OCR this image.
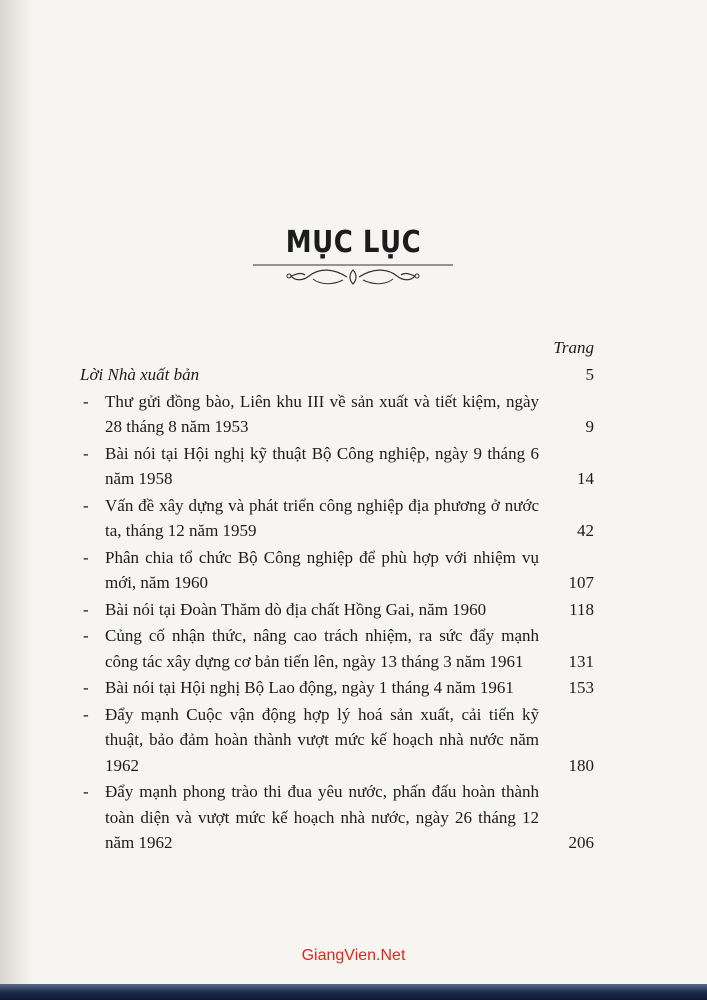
MỤC LỤC
Trang
Lời Nhà xuất bản	5
- Thư gửi đồng bào, Liên khu III về sản xuất và tiết kiệm, ngày 28 tháng 8 năm 1953	9
- Bài nói tại Hội nghị kỹ thuật Bộ Công nghiệp, ngày 9 tháng 6 năm 1958	14
- Vấn đề xây dựng và phát triển công nghiệp địa phương ở nước ta, tháng 12 năm 1959	42
- Phân chia tổ chức Bộ Công nghiệp để phù hợp với nhiệm vụ mới, năm 1960	107
- Bài nói tại Đoàn Thăm dò địa chất Hồng Gai, năm 1960	118
- Củng cố nhận thức, nâng cao trách nhiệm, ra sức đẩy mạnh công tác xây dựng cơ bản tiến lên, ngày 13 tháng 3 năm 1961	131
- Bài nói tại Hội nghị Bộ Lao động, ngày 1 tháng 4 năm 1961	153
- Đẩy mạnh Cuộc vận động hợp lý hoá sản xuất, cải tiến kỹ thuật, bảo đảm hoàn thành vượt mức kế hoạch nhà nước năm 1962	180
- Đẩy mạnh phong trào thi đua yêu nước, phấn đấu hoàn thành toàn diện và vượt mức kế hoạch nhà nước, ngày 26 tháng 12 năm 1962	206
GiangVien.Net
